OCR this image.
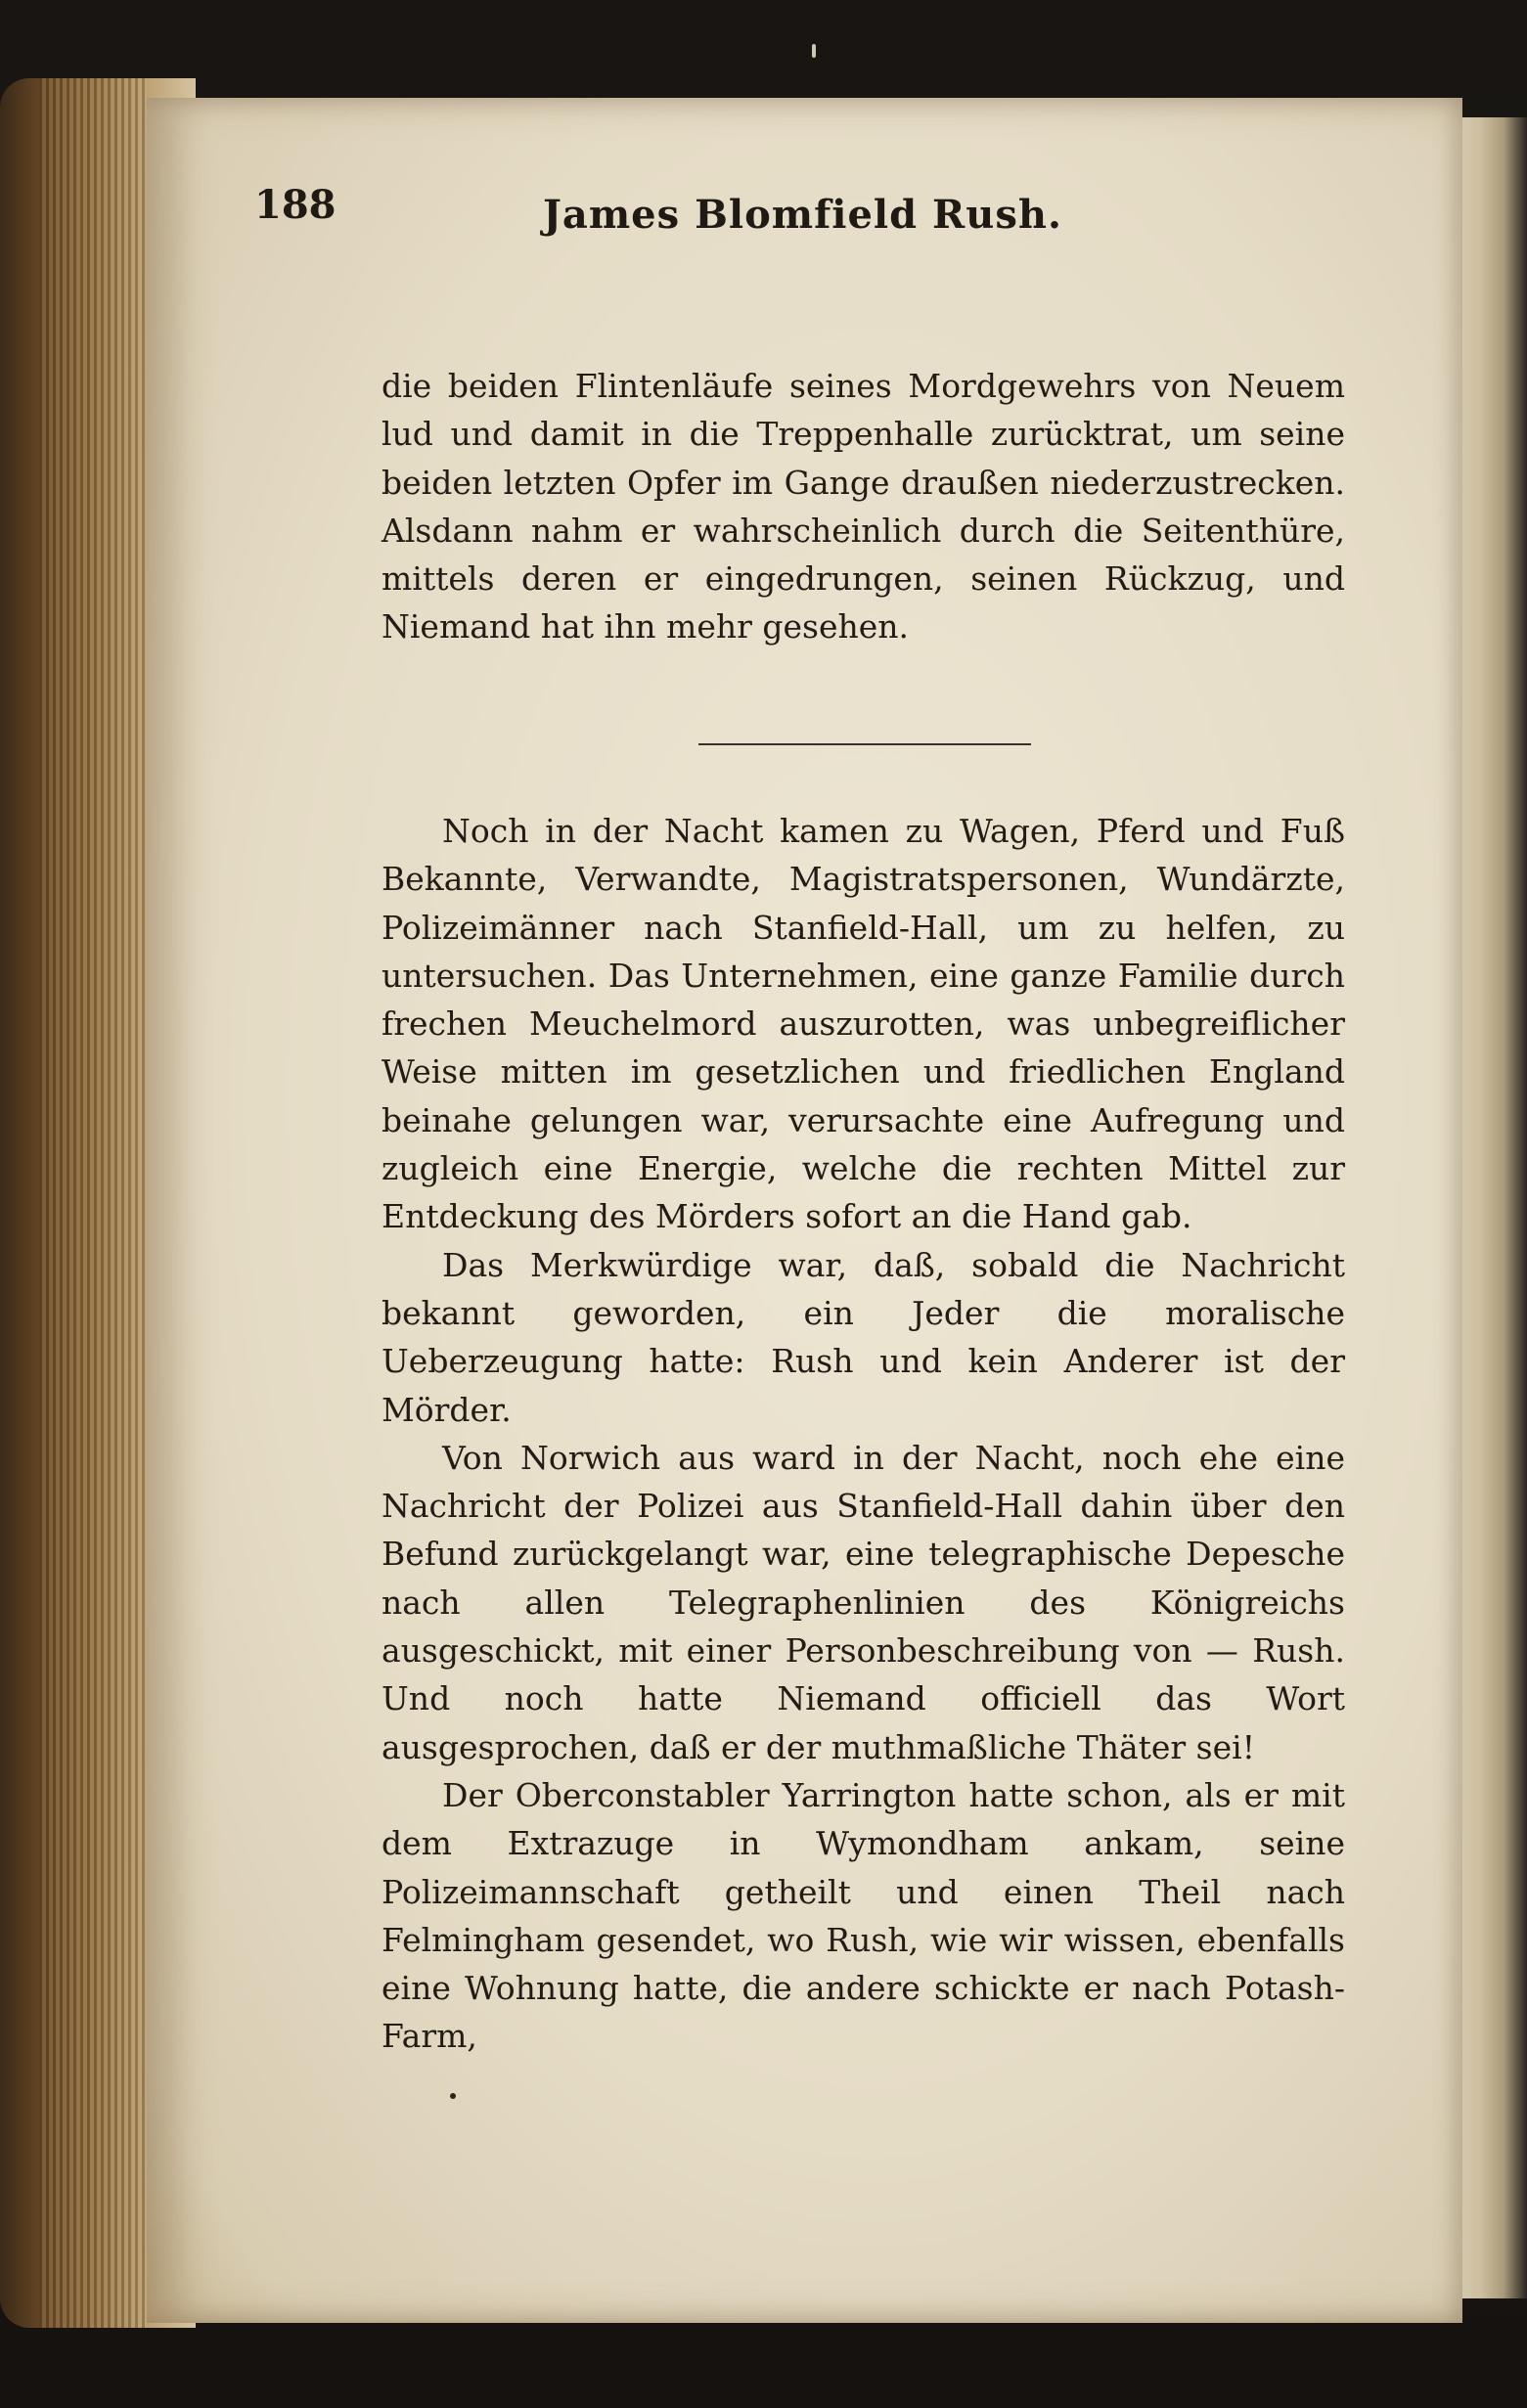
188	James Blomfield Rush.

die beiden Flintenläufe seines Mordgewehrs von Neuem lud und damit in die Treppenhalle zurücktrat, um seine beiden letzten Opfer im Gange draußen niederzustrecken. Alsdann nahm er wahrscheinlich durch die Seitenthüre, mittels deren er eingedrungen, seinen Rückzug, und Niemand hat ihn mehr gesehen.

Noch in der Nacht kamen zu Wagen, Pferd und Fuß Bekannte, Verwandte, Magistratspersonen, Wundärzte, Polizeimänner nach Stanfield-Hall, um zu helfen, zu untersuchen. Das Unternehmen, eine ganze Familie durch frechen Meuchelmord auszurotten, was unbegreiflicher Weise mitten im gesetzlichen und friedlichen England beinahe gelungen war, verursachte eine Aufregung und zugleich eine Energie, welche die rechten Mittel zur Entdeckung des Mörders sofort an die Hand gab.

Das Merkwürdige war, daß, sobald die Nachricht bekannt geworden, ein Jeder die moralische Ueberzeugung hatte: Rush und kein Anderer ist der Mörder.

Von Norwich aus ward in der Nacht, noch ehe eine Nachricht der Polizei aus Stanfield-Hall dahin über den Befund zurückgelangt war, eine telegraphische Depesche nach allen Telegraphenlinien des Königreichs ausgeschickt, mit einer Personbeschreibung von — Rush. Und noch hatte Niemand officiell das Wort ausgesprochen, daß er der muthmaßliche Thäter sei!

Der Oberconstabler Yarrington hatte schon, als er mit dem Extrazuge in Wymondham ankam, seine Polizeimannschaft getheilt und einen Theil nach Felmingham gesendet, wo Rush, wie wir wissen, ebenfalls eine Wohnung hatte, die andere schickte er nach Potash-Farm,
